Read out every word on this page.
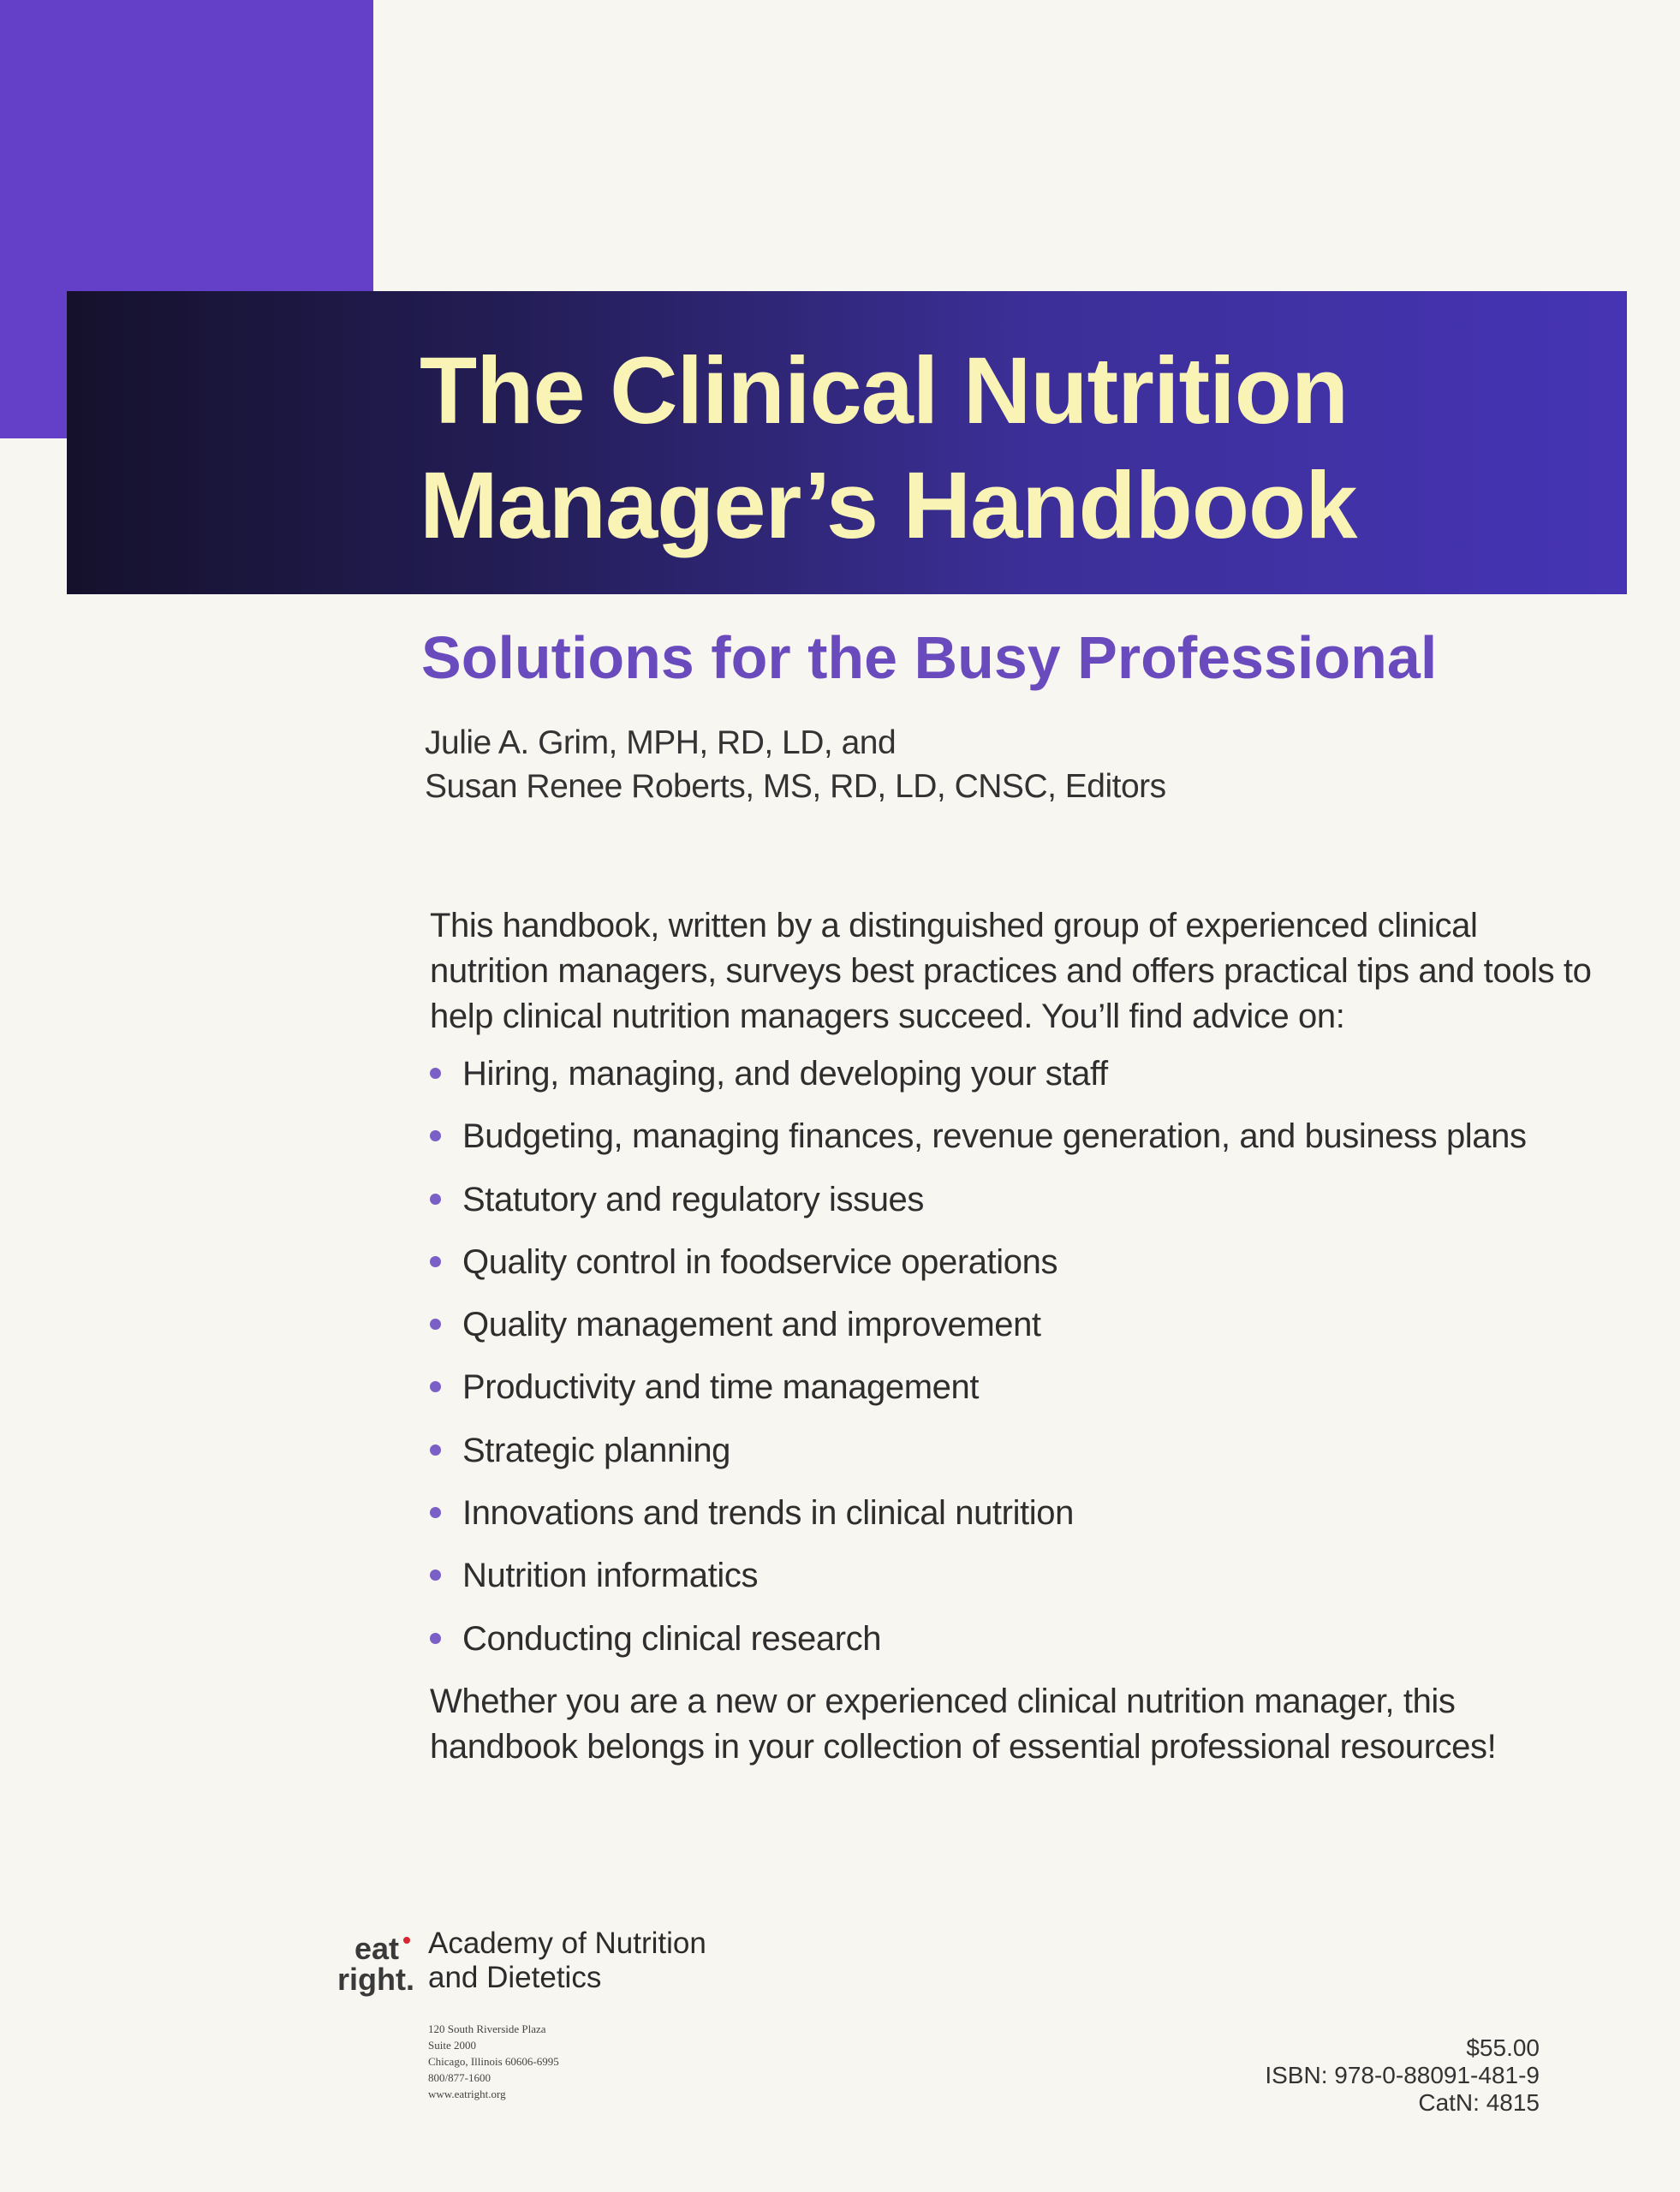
The Clinical Nutrition
Manager’s Handbook
Solutions for the Busy Professional
Julie A. Grim, MPH, RD, LD, and
Susan Renee Roberts, MS, RD, LD, CNSC, Editors

This handbook, written by a distinguished group of experienced clinical nutrition managers, surveys best practices and offers practical tips and tools to help clinical nutrition managers succeed. You’ll find advice on:

Hiring, managing, and developing your staff
Budgeting, managing finances, revenue generation, and business plans
Statutory and regulatory issues
Quality control in foodservice operations
Quality management and improvement
Productivity and time management
Strategic planning
Innovations and trends in clinical nutrition
Nutrition informatics
Conducting clinical research

Whether you are a new or experienced clinical nutrition manager, this handbook belongs in your collection of essential professional resources!

eat
right.
Academy of Nutrition
and Dietetics
120 South Riverside Plaza
Suite 2000
Chicago, Illinois 60606-6995
800/877-1600
www.eatright.org
$55.00
ISBN: 978-0-88091-481-9
CatN: 4815
